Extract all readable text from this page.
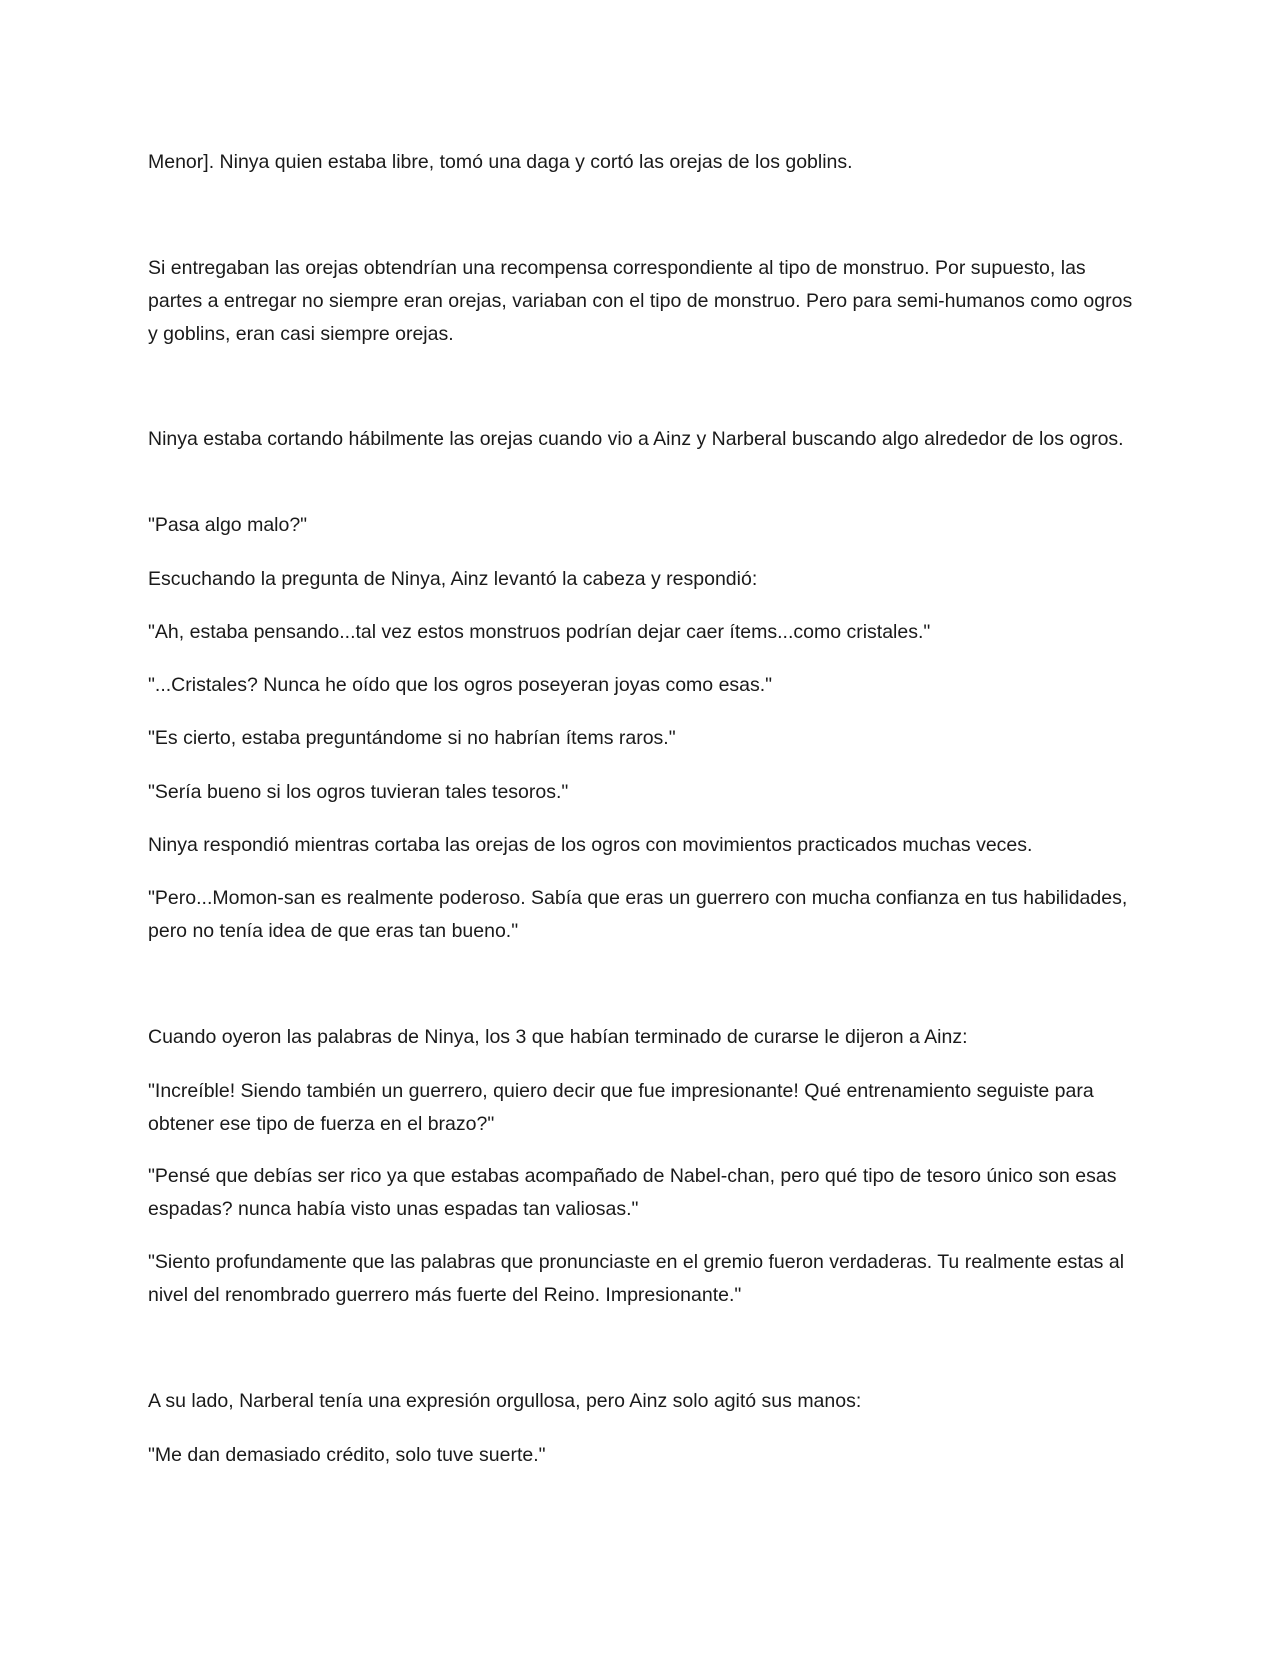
Menor]. Ninya quien estaba libre, tomó una daga y cortó las orejas de los goblins.

Si entregaban las orejas obtendrían una recompensa correspondiente al tipo de monstruo. Por supuesto, las partes a entregar no siempre eran orejas, variaban con el tipo de monstruo. Pero para semi-humanos como ogros y goblins, eran casi siempre orejas.

Ninya estaba cortando hábilmente las orejas cuando vio a Ainz y Narberal buscando algo alrededor de los ogros.

"Pasa algo malo?"

Escuchando la pregunta de Ninya, Ainz levantó la cabeza y respondió:

"Ah, estaba pensando...tal vez estos monstruos podrían dejar caer ítems...como cristales."

"...Cristales? Nunca he oído que los ogros poseyeran joyas como esas."

"Es cierto, estaba preguntándome si no habrían ítems raros."

"Sería bueno si los ogros tuvieran tales tesoros."

Ninya respondió mientras cortaba las orejas de los ogros con movimientos practicados muchas veces.

"Pero...Momon-san es realmente poderoso. Sabía que eras un guerrero con mucha confianza en tus habilidades, pero no tenía idea de que eras tan bueno."

Cuando oyeron las palabras de Ninya, los 3 que habían terminado de curarse le dijeron a Ainz:

"Increíble! Siendo también un guerrero, quiero decir que fue impresionante! Qué entrenamiento seguiste para obtener ese tipo de fuerza en el brazo?"

"Pensé que debías ser rico ya que estabas acompañado de Nabel-chan, pero qué tipo de tesoro único son esas espadas? nunca había visto unas espadas tan valiosas."

"Siento profundamente que las palabras que pronunciaste en el gremio fueron verdaderas. Tu realmente estas al nivel del renombrado guerrero más fuerte del Reino. Impresionante."

A su lado, Narberal tenía una expresión orgullosa, pero Ainz solo agitó sus manos:

"Me dan demasiado crédito, solo tuve suerte."
